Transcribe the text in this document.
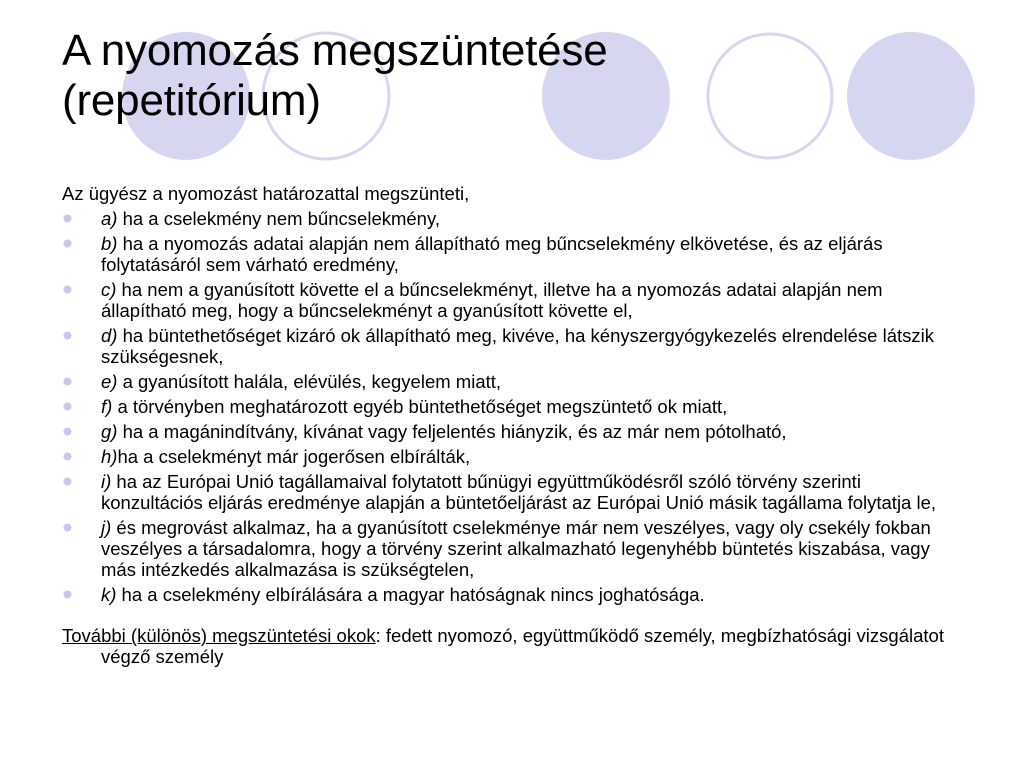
A nyomozás megszüntetése
(repetitórium)

Az ügyész a nyomozást határozattal megszünteti,

a) ha a cselekmény nem bűncselekmény,
b) ha a nyomozás adatai alapján nem állapítható meg bűncselekmény elkövetése, és az eljárás folytatásáról sem várható eredmény,
c) ha nem a gyanúsított követte el a bűncselekményt, illetve ha a nyomozás adatai alapján nem állapítható meg, hogy a bűncselekményt a gyanúsított követte el,
d) ha büntethetőséget kizáró ok állapítható meg, kivéve, ha kényszergyógykezelés elrendelése látszik szükségesnek,
e) a gyanúsított halála, elévülés, kegyelem miatt,
f) a törvényben meghatározott egyéb büntethetőséget megszüntető ok miatt,
g) ha a magánindítvány, kívánat vagy feljelentés hiányzik, és az már nem pótolható,
h)ha a cselekményt már jogerősen elbírálták,
i) ha az Európai Unió tagállamaival folytatott bűnügyi együttműködésről szóló törvény szerinti konzultációs eljárás eredménye alapján a büntetőeljárást az Európai Unió másik tagállama folytatja le,
j) és megrovást alkalmaz, ha a gyanúsított cselekménye már nem veszélyes, vagy oly csekély fokban veszélyes a társadalomra, hogy a törvény szerint alkalmazható legenyhébb büntetés kiszabása, vagy más intézkedés alkalmazása is szükségtelen,
k) ha a cselekmény elbírálására a magyar hatóságnak nincs joghatósága.

További (különös) megszüntetési okok: fedett nyomozó, együttműködő személy, megbízhatósági vizsgálatot végző személy
